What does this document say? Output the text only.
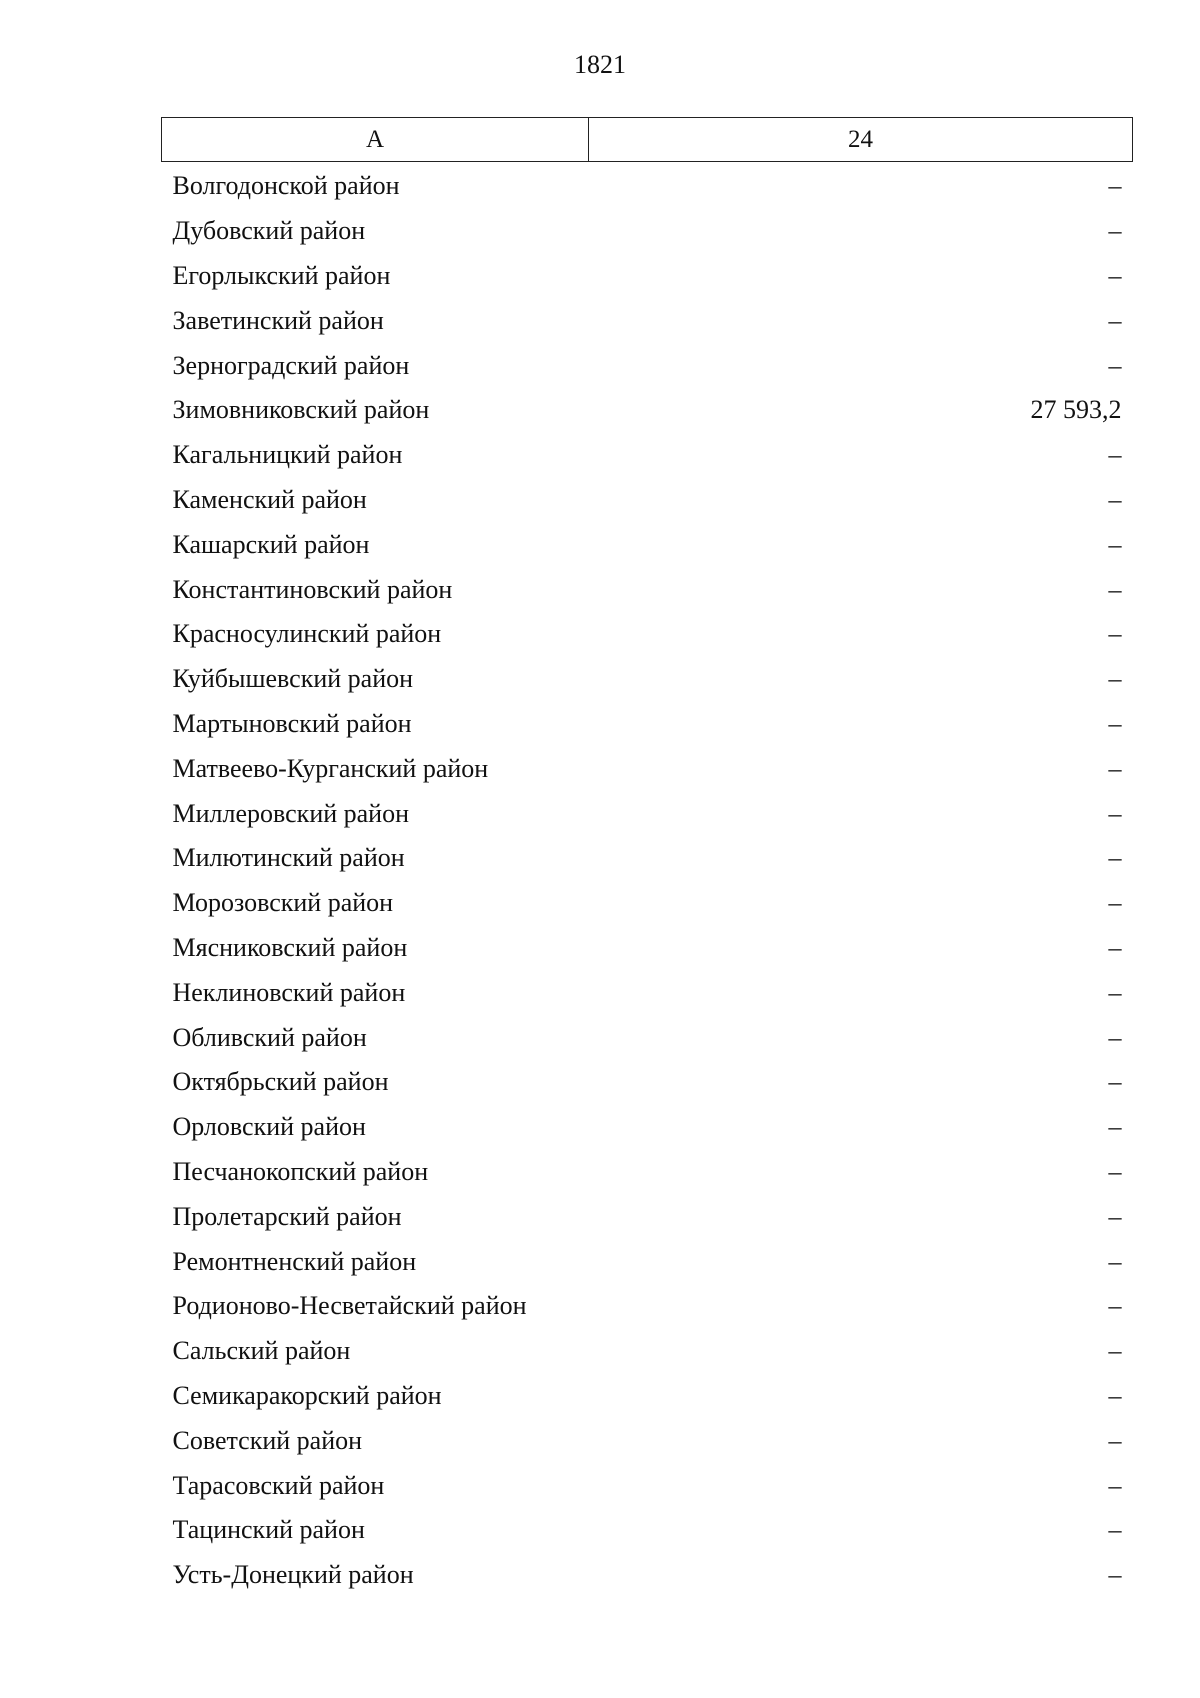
1821
А	24
Волгодонской район	–
Дубовский район	–
Егорлыкский район	–
Заветинский район	–
Зерноградский район	–
Зимовниковский район	27 593,2
Кагальницкий район	–
Каменский район	–
Кашарский район	–
Константиновский район	–
Красносулинский район	–
Куйбышевский район	–
Мартыновский район	–
Матвеево-Курганский район	–
Миллеровский район	–
Милютинский район	–
Морозовский район	–
Мясниковский район	–
Неклиновский район	–
Обливский район	–
Октябрьский район	–
Орловский район	–
Песчанокопский район	–
Пролетарский район	–
Ремонтненский район	–
Родионово-Несветайский район	–
Сальский район	–
Семикаракорский район	–
Советский район	–
Тарасовский район	–
Тацинский район	–
Усть-Донецкий район	–
